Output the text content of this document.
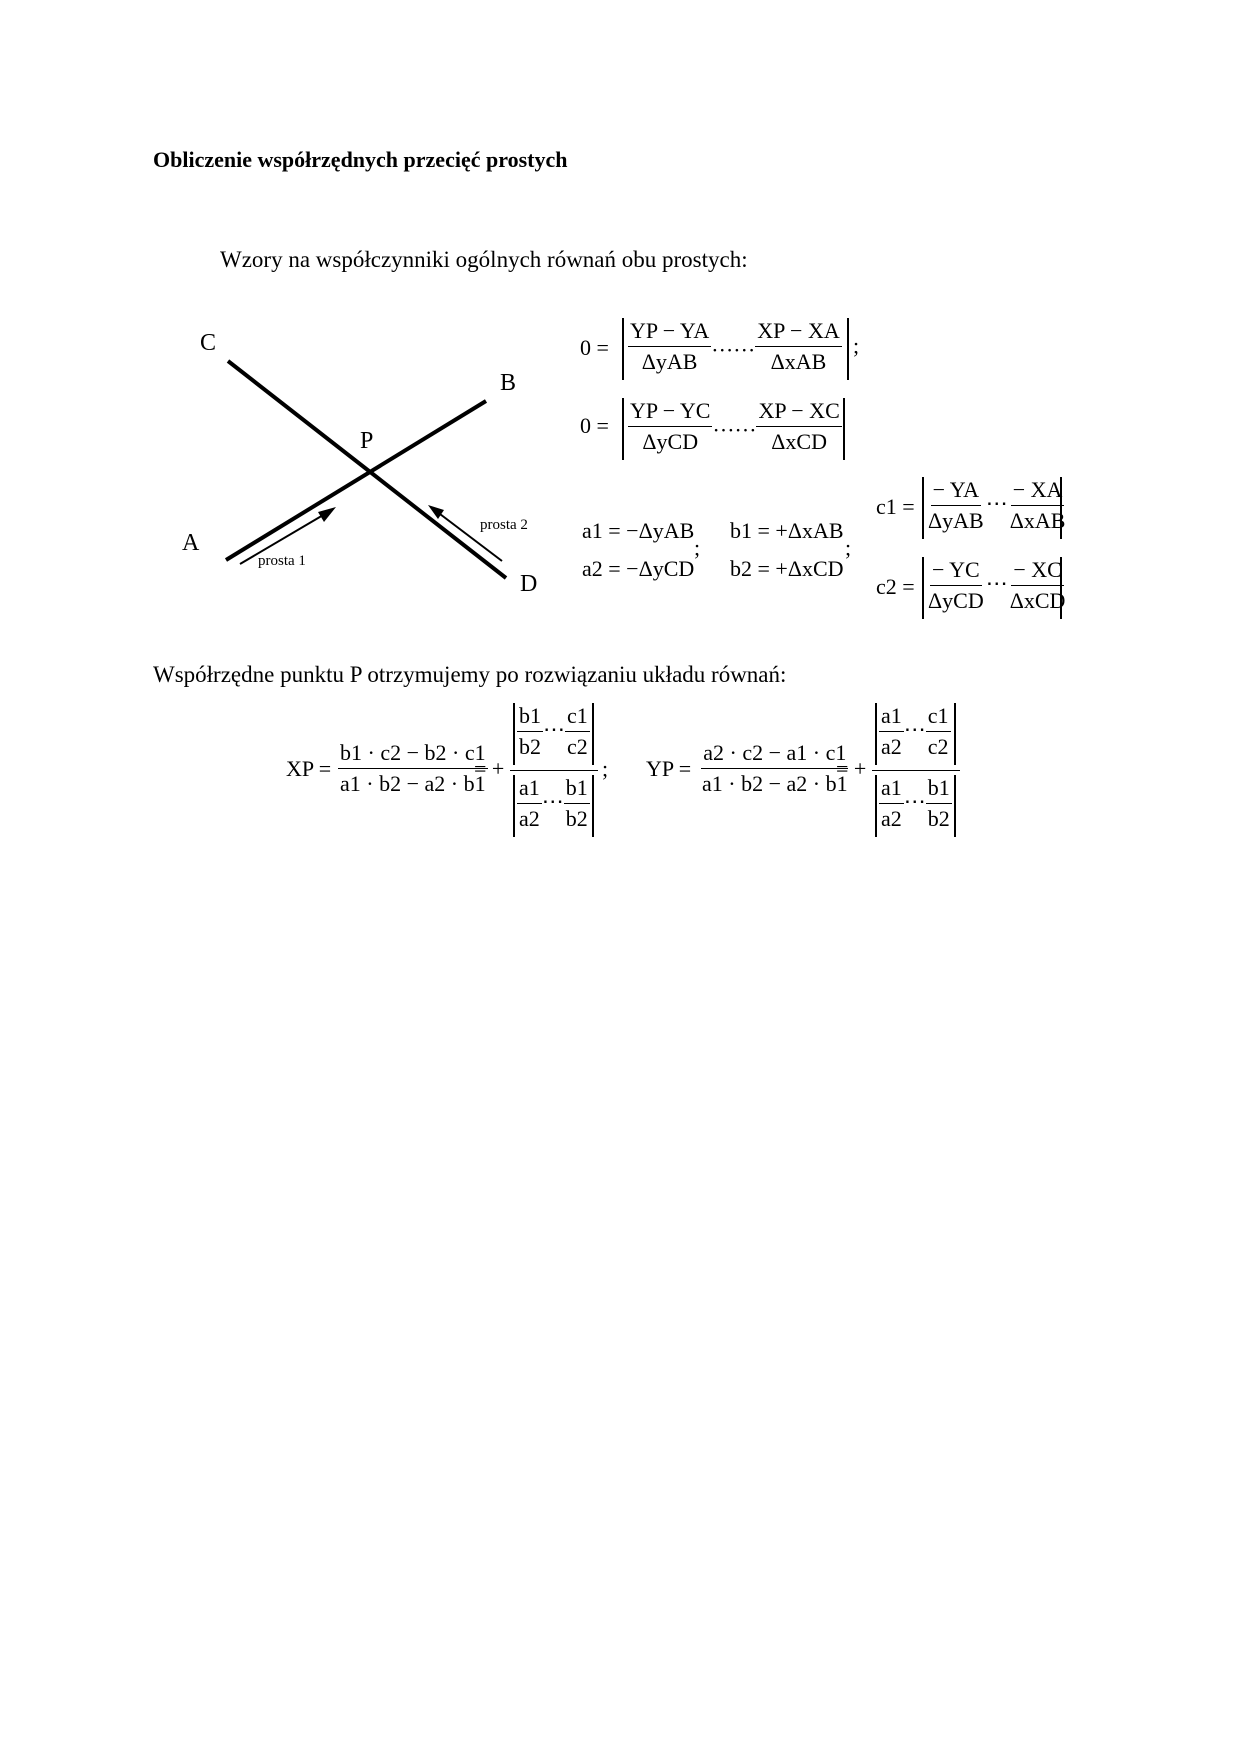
Obliczenie współrzędnych przecięć prostych
Wzory na współczynniki ogólnych równań obu prostych:
C
B
P
A
D
prosta 1
prosta 2
$0 = \frac{YP - YA}{\text{ΔyAB}}$ …… $\frac{XP - XA}{\text{ΔxAB}}$ ;
$0 = \frac{YP - YC}{\text{ΔyCD}}$ …… $\frac{XP - XC}{\text{ΔxCD}}$
a1 = −ΔyAB
a2 = −ΔyCD
;
b1 = +ΔxAB
b2 = +ΔxCD
;
$c1 = \frac{- YA}{\text{ΔyAB}}$ ⋯ $\frac{- XA}{\text{ΔxAB}}$
$c2 = \frac{- YC}{\text{ΔyCD}}$ ⋯ $\frac{- XC}{\text{ΔxCD}}$
Współrzędne punktu P otrzymujemy po rozwiązaniu układu równań:
XP = $\frac{b1 \cdot c2 - b2 \cdot c1}{a1 \cdot b2 - a2 \cdot b1}$
= +
$\frac{b1}{b2}$ ⋯ $\frac{c1}{c2}$
$\frac{a1}{a2}$ ⋯ $\frac{b1}{b2}$
; YP = $\frac{a2 \cdot c2 - a1 \cdot c1}{a1 \cdot b2 - a2 \cdot b1}$
= +
$\frac{a1}{a2}$ ⋯ $\frac{c1}{c2}$
$\frac{a1}{a2}$ ⋯ $\frac{b1}{b2}$
